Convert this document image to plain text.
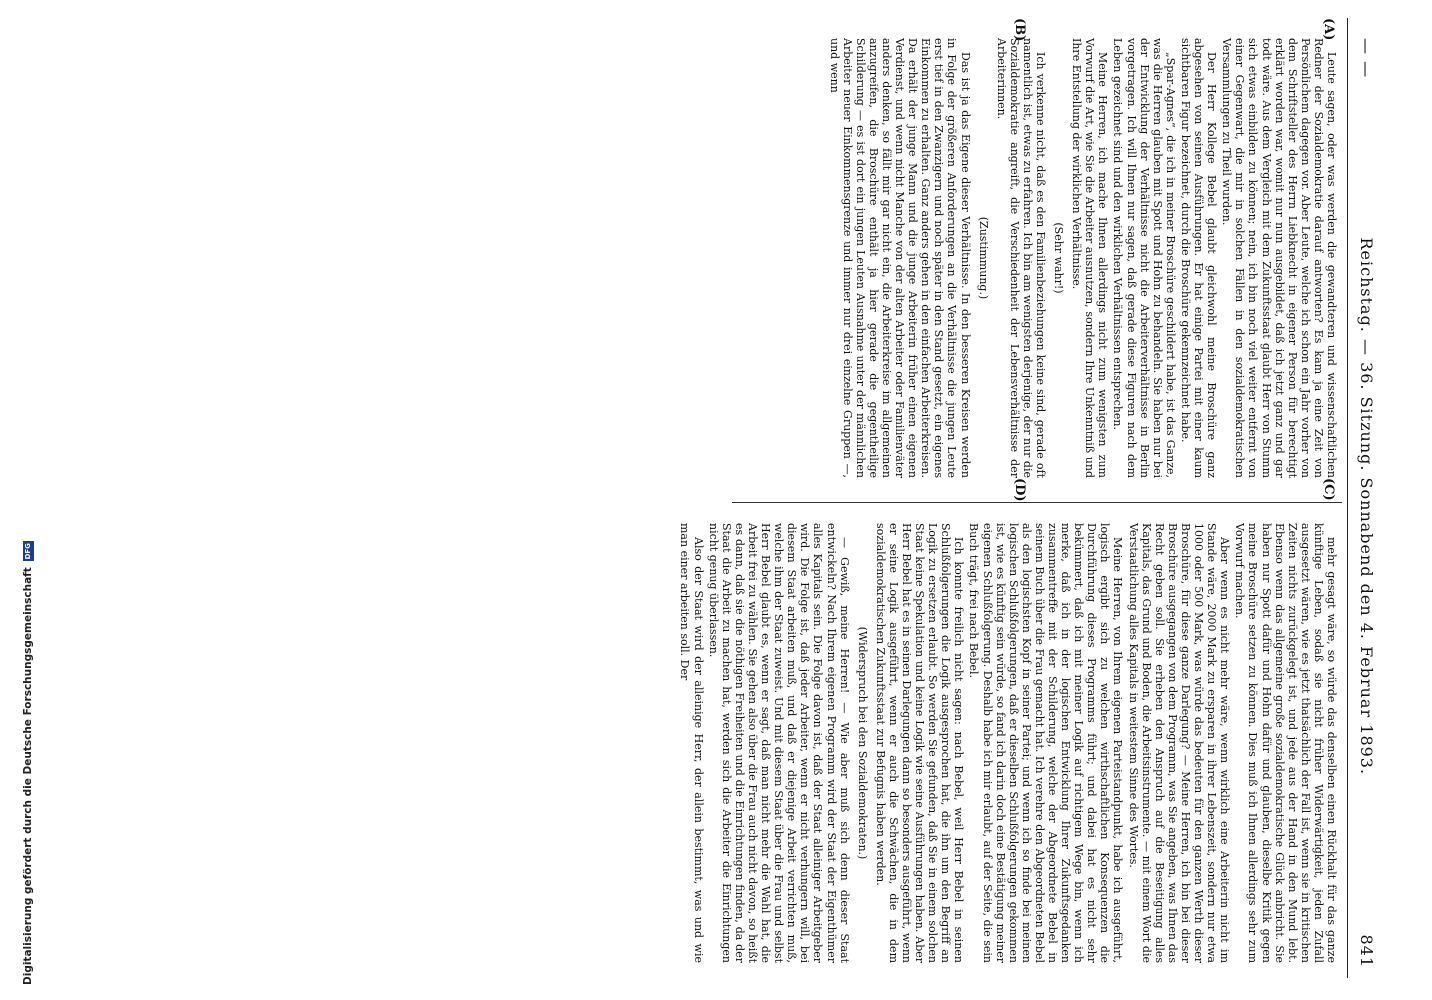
— —
Reichstag. — 36. Sitzung. Sonnabend den 4. Februar 1893.
841
(A)
(B)
(C)
(D)

Leute sagen, oder was werden die gewandteren und wissenschaftlichen Redner der Sozialdemokratie darauf antworten? Es kam ja eine Zeit von Persönlichem dagegen vor. Aber Leute, welche ich schon ein Jahr vorher von dem Schriftsteller des Herrn Liebknecht in eigener Person für berechtigt erklärt worden war, womit nur nun ausgebildet, daß ich jetzt ganz und gar todt wäre. Aus dem Vergleich mit dem Zukunftsstaat glaubt Herr von Stumm sich etwas einbilden zu können; nein, ich bin noch viel weiter entfernt von einer Gegenwart, die mir in solchen Fällen in den sozialdemokratischen Versammlungen zu Theil wurden.

Der Herr Kollege Bebel glaubt gleichwohl meine Broschüre ganz abgesehen von seinen Ausführungen. Er hat einige Partei mit einer kaum sichtbaren Figur bezeichnet, durch die Broschüre gekennzeichnet habe.

„Spar-Agnes“, die ich in meiner Broschüre geschildert habe, ist das Ganze, was die Herren glauben mit Spott und Hohn zu behandeln. Sie haben nur bei der Entwicklung der Verhältnisse nicht die Arbeiterverhältnisse in Berlin vorgetragen. Ich will Ihnen nur sagen, daß gerade diese Figuren nach dem Leben gezeichnet sind und den wirklichen Verhältnissen entsprechen.

Meine Herren, ich mache Ihnen allerdings nicht zum wenigsten zum Vorwurf die Art, wie Sie die Arbeiter ausnutzen, sondern Ihre Unkenntniß und Ihre Entstellung der wirklichen Verhältnisse.

(Sehr wahr!)

Ich verkenne nicht, daß es den Familienbeziehungen keine sind, gerade oft namentlich ist, etwas zu erfahren. Ich bin am wenigsten derjenige, der nur die Sozialdemokratie angreift, die Verschiedenheit der Lebensverhältnisse der Arbeiterinnen.

(Zustimmung.)

Das ist ja das Eigene dieser Verhältnisse. In den besseren Kreisen werden in Folge der größeren Anforderungen an die Verhältnisse die jungen Leute erst tief in den Zwanzigern und noch später in den Stand gesetzt, ein eigenes Einkommen zu erhalten. Ganz anders gehen in den einfachen Arbeiterkreisen. Da erhält der junge Mann und die junge Arbeiterin früher einen eigenen Verdienst, und wenn nicht Manche von der alten Arbeiter oder Familienväter anders denken, so fällt mir gar nicht ein, die Arbeiterkreise im allgemeinen anzugreifen, die Broschüre enthält ja hier gerade die gegentheilige Schilderung — es ist dort ein jungen Leuten Ausnahme unter der männlichen Arbeiter neuer Einkommensgrenze und immer nur drei einzelne Gruppen —, und wenn

mehr gesagt wäre, so würde das denselben einen Rückhalt für das ganze künftige Leben, sodaß sie nicht früher Widerwärtigkeit, jeden Zufall ausgesetzt wären, wie es jetzt thatsächlich der Fall ist, wenn sie in kritischen Zeiten nichts zurückgelegt ist, und jede aus der Hand in den Mund lebt. Ebenso wenn das allgemeine große sozialdemokratische Glück anbricht. Sie haben nur Spott dafür und Hohn dafür und glauben, dieselbe Kritik gegen meine Broschüre setzen zu können. Dies muß ich Ihnen allerdings sehr zum Vorwurf machen.

Aber wenn es nicht mehr wäre, wenn wirklich eine Arbeiterin nicht im Stande wäre, 2000 Mark zu ersparen in ihrer Lebenszeit, sondern nur etwa 1000 oder 500 Mark, was würde das bedeuten für den ganzen Werth dieser Broschüre, für diese ganze Darlegung? — Meine Herren, ich bin bei dieser Broschüre ausgegangen von dem Programm, was Sie angeben, was Ihnen das Recht geben soll. Sie erheben den Anspruch auf die Beseitigung alles Kapitals, das Grund und Boden, die Arbeitsinstrumente. — mit einem Wort die Verstaatlichung alles Kapitals in weitestem Sinne des Wortes.

Meine Herren, von Ihrem eigenen Parteistandpunkt, habe ich ausgeführt, logisch ergibt sich zu welchen wirthschaftlichen Konsequenzen die Durchführung dieses Programms führt; und dabei hat es nicht sehr bekümmert, daß ich mit meiner Logik auf richtigem Wege bin, wenn ich merke, daß ich in der logischen Entwicklung Ihrer Zukunftsgedanken zusammentreffe mit der Schilderung, welche der Abgeordnete Bebel in seinem Buch über die Frau gemacht hat. Ich verehre den Abgeordneten Bebel als den logischsten Kopf in seiner Partei; und wenn ich so finde bei meinen logischen Schlußfolgerungen, daß er dieselben Schlußfolgerungen gekommen ist, wie es künftig sein würde, so fand ich darin doch eine Bestätigung meiner eigenen Schlußfolgerung. Deshalb habe ich mir erlaubt, auf der Seite, die sein Buch trägt, frei nach Bebel.

Ich konnte freilich nicht sagen: nach Bebel, weil Herr Bebel in seinen Schlußfolgerungen die Logik ausgesprochen hat, die ihn um den Begriff an Logik zu ersetzen erlaubt. So werden Sie gefunden, daß Sie in einem solchen Staat keine Spekulation und keine Logik wie seine Ausführungen haben. Aber Herr Bebel hat es in seinen Darlegungen dann so besonders ausgeführt, wenn er seine Logik ausgeführt, wenn er auch die Schwächen, die in dem sozialdemokratischen Zukunftsstaat zur Befugnis haben werden.

(Widerspruch bei den Sozialdemokraten.)

— Gewiß, meine Herren! — Wie aber muß sich denn dieser Staat entwickeln? Nach Ihrem eigenen Programm wird der Staat der Eigenthümer alles Kapitals sein. Die Folge davon ist, daß der Staat alleiniger Arbeitgeber wird. Die Folge ist, daß jeder Arbeiter, wenn er nicht verhungern will, bei diesem Staat arbeiten muß, und daß er diejenige Arbeit verrichten muß, welche ihm der Staat zuweist. Und mit diesem Staat über die Frau und selbst Herr Bebel glaubt es, wenn er sagt, daß man nicht mehr die Wahl hat, die Arbeit frei zu wählen. Sie gehen also über die Frau auch nicht davon, so heißt es dann, daß sie die nöthigen Freiheiten und die Einrichtungen finden, da der Staat die Arbeit zu machen hat, werden sich die Arbeiter die Einrichtungen nicht genug überlassen.

Also der Staat wird der alleinige Herr, der allein bestimmt, was und wie man einer arbeiten soll. Der

Digitalisierung gefördert durch die Deutsche Forschungsgemeinschaft
DFG
